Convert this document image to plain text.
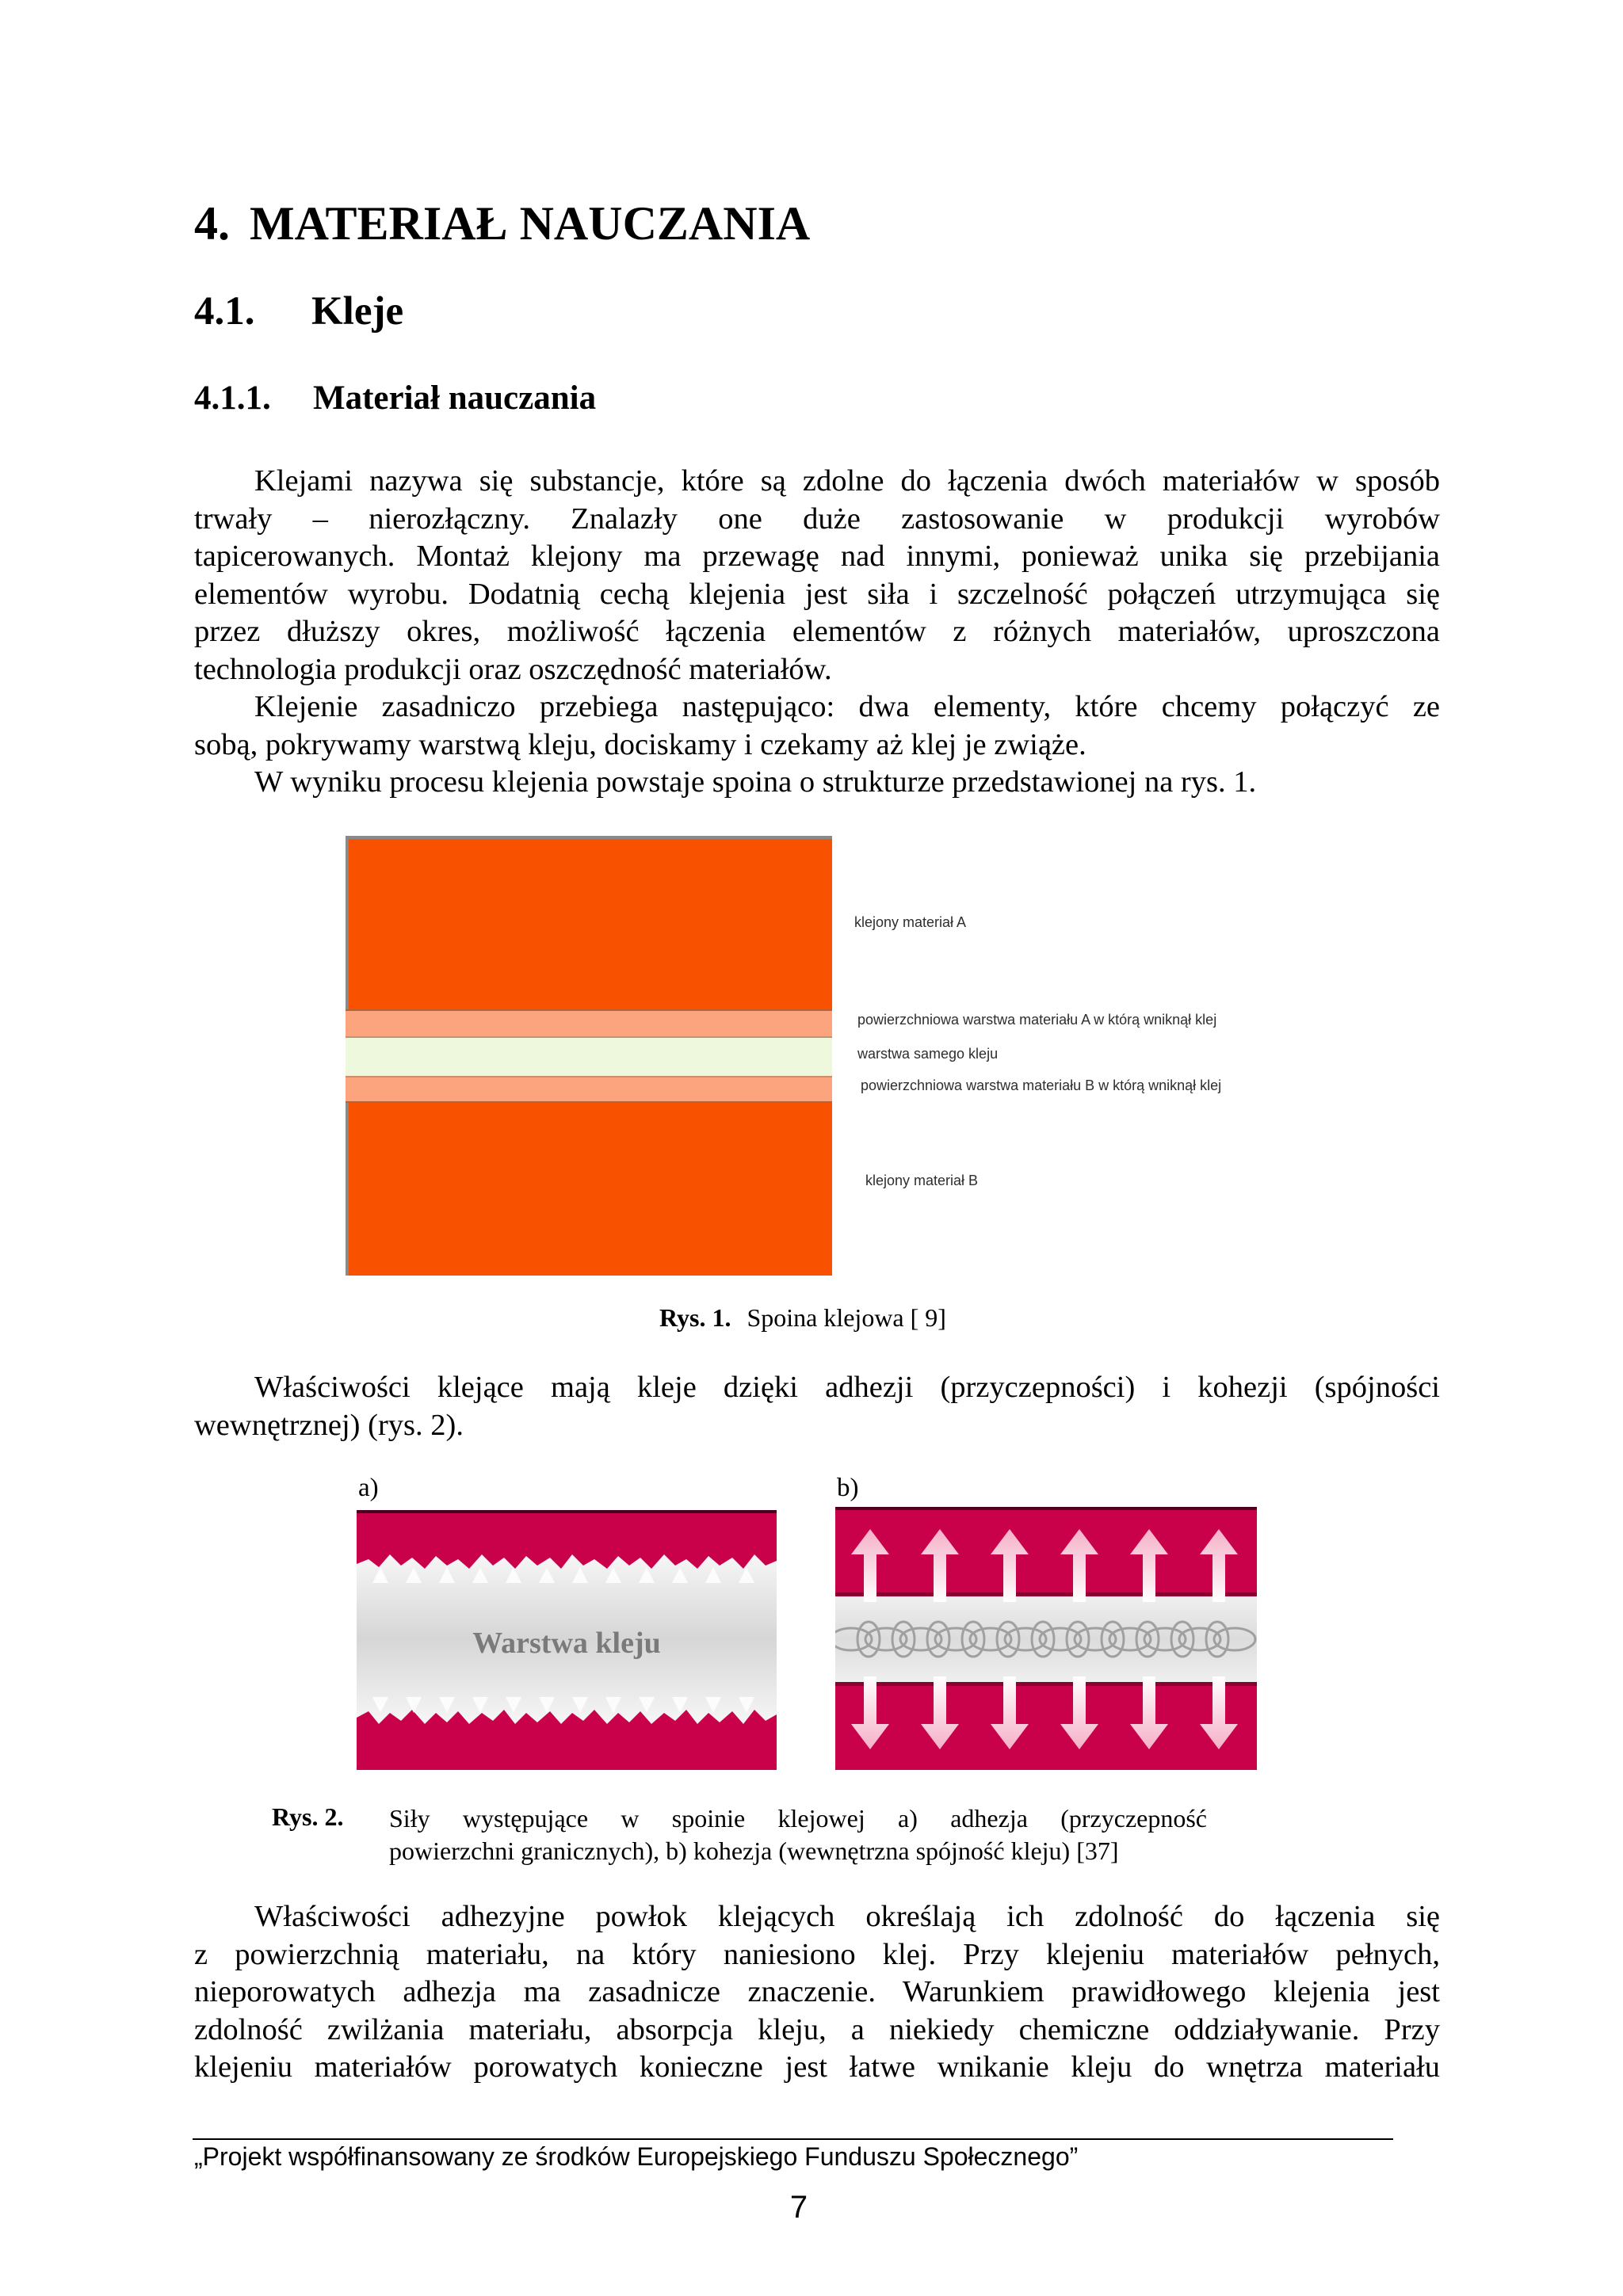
4. MATERIAŁ NAUCZANIA
4.1. Kleje
4.1.1. Materiał nauczania
Klejami nazywa się substancje, które są zdolne do łączenia dwóch materiałów w sposób
trwały – nierozłączny. Znalazły one duże zastosowanie w produkcji wyrobów
tapicerowanych. Montaż klejony ma przewagę nad innymi, ponieważ unika się przebijania
elementów wyrobu. Dodatnią cechą klejenia jest siła i szczelność połączeń utrzymująca się
przez dłuższy okres, możliwość łączenia elementów z różnych materiałów, uproszczona
technologia produkcji oraz oszczędność materiałów.
Klejenie zasadniczo przebiega następująco: dwa elementy, które chcemy połączyć ze
sobą, pokrywamy warstwą kleju, dociskamy i czekamy aż klej je zwiąże.
W wyniku procesu klejenia powstaje spoina o strukturze przedstawionej na rys. 1.
klejony materiał A
powierzchniowa warstwa materiału A w którą wniknął klej
warstwa samego kleju
powierzchniowa warstwa materiału B w którą wniknął klej
klejony materiał B
Rys. 1. Spoina klejowa [ 9]
Właściwości klejące mają kleje dzięki adhezji (przyczepności) i kohezji (spójności
wewnętrznej) (rys. 2).
a)	b)
Warstwa kleju
Rys. 2.	Siły występujące w spoinie klejowej a) adhezja (przyczepność
powierzchni granicznych), b) kohezja (wewnętrzna spójność kleju) [37]
Właściwości adhezyjne powłok klejących określają ich zdolność do łączenia się
z powierzchnią materiału, na który naniesiono klej. Przy klejeniu materiałów pełnych,
nieporowatych adhezja ma zasadnicze znaczenie. Warunkiem prawidłowego klejenia jest
zdolność zwilżania materiału, absorpcja kleju, a niekiedy chemiczne oddziaływanie. Przy
klejeniu materiałów porowatych konieczne jest łatwe wnikanie kleju do wnętrza materiału
„Projekt współfinansowany ze środków Europejskiego Funduszu Społecznego”
7
